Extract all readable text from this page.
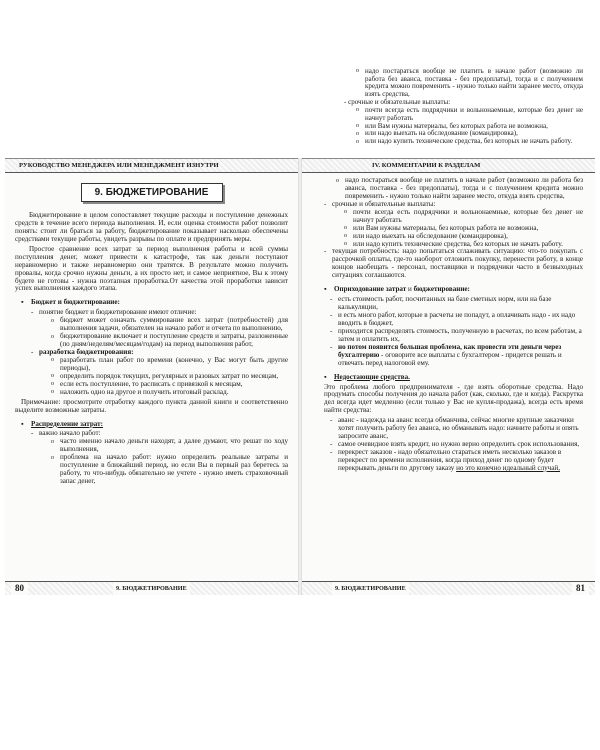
o надо постараться вообще не платить в начале работ (возможно ли работа без аванса, поставка - без предоплаты), тогда и с получением кредита можно повременить - нужно только найти заранее место, откуда взять средства,
- срочные и обязательные выплаты:
o почти всегда есть подрядчики и вольнонаемные, которые без денег не начнут работать
o или Вам нужны материалы, без которых работа не возможна,
o или надо выехать на обследование (командировка),
o или надо купить технические средства, без которых не начать работу.
РУКОВОДСТВО МЕНЕДЖЕРА ИЛИ МЕНЕДЖМЕНТ ИЗНУТРИ
9. БЮДЖЕТИРОВАНИЕ

Бюджетирование в целом сопоставляет текущие расходы и поступление денежных средств в течение всего периода выполнения. И, если оценка стоимости работ позволит понять: стоит ли браться за работу, бюджетирование показывает насколько обеспечены средствами текущие работы, увидеть разрывы по оплате и предпринять меры.

Простое сравнение всех затрат за период выполнения работы и всей суммы поступления денег, может привести к катастрофе, так как деньги поступают неравномерно и также неравномерно они тратятся. В результате можно получить провалы, когда срочно нужны деньги, а их просто нет, и самое неприятное, Вы к этому будете не готовы - нужна поэтапная проработка.От качества этой проработки зависит успех выполнения каждого этапа.

▪ Бюджет и бюджетирование:
- понятие бюджет и бюджетирование имеют отличие:
o бюджет может означать суммирование всех затрат (потребностей) для выполнения задачи, обязателен на начало работ и отчета по выполнению,
o бюджетирование включает и поступление средств и затраты, разложенные (по дням/неделям/месяцам/годам) на период выполнения работ,
- разработка бюджетирования:
o разработать план работ по времени (конечно, у Вас могут быть другие периоды),
o определить порядок текущих, регулярных и разовых затрат по месяцам,
o если есть поступление, то расписать с привязкой к месяцам,
o наложить одно на другое и получить итоговый расклад.

Примечание: просмотрите отработку каждого пункта данной книги и соответственно выделите возможные затраты.

▪ Распределение затрат:
- важно начало работ:
o часто именно начало деньги находят, а далее думают, что решат по ходу выполнения,
o проблема на начало работ: нужно определить реальные затраты и поступление в ближайший период, но если Вы в первый раз беретесь за работу, то что-нибудь обязательно не учтете - нужно иметь страховочный запас денег,
80	9. БЮДЖЕТИРОВАНИЕ
IV. КОММЕНТАРИИ К РАЗДЕЛАМ
o надо постараться вообще не платить в начале работ (возможно ли работа без аванса, поставка - без предоплаты), тогда и с получением кредита можно повременить - нужно только найти заранее место, откуда взять средства,
- срочные и обязательные выплаты:
o почти всегда есть подрядчики и вольнонаемные, которые без денег не начнут работать
o или Вам нужны материалы, без которых работа не возможна,
o или надо выехать на обследование (командировка),
o или надо купить технические средства, без которых не начать работу.
- текущая потребность: надо попытаться сглаживать ситуацию: что-то покупать с рассрочкой оплаты, где-то наоборот отложить покупку, перенести работу, в конце концов наобещать - персонал, поставщики и подрядчики часто в безвыходных ситуациях соглашаются.
▪ Оприходование затрат и бюджетирование:
- есть стоимость работ, посчитанных на базе сметных норм, или на базе калькуляции,
- и есть много работ, которые в расчеты не попадут, а оплачивать надо - их надо вводить в бюджет,
- приходится распределять стоимость, полученную в расчетах, по всем работам, а затем и оплатить их,
- но потом появится большая проблема, как провести эти деньги через бухгалтерию - оговорите все выплаты с бухгалтером - придется решать и отвечать перед налоговой ему.
▪ Недостающие средства.

Это проблема любого предпринимателя - где взять оборотные средства. Надо продумать способы получения до начала работ (как, сколько, где и когда). Раскрутка дел всегда идет медленно (если только у Вас не купля-продажа), всегда есть время найти средства:

- аванс - надежда на аванс всегда обманчива, сейчас многие крупные заказчики хотят получить работу без аванса, но обманывать надо: начните работы и опять запросите аванс,
- самое очевидное взять кредит, но нужно верно определить срок использования,
- перекрест заказов - надо обязательно стараться иметь несколько заказов в перекрест по времени исполнения, когда приход денег по одному будет перекрывать деньги по другому заказу но это конечно идеальный случай,
9. БЮДЖЕТИРОВАНИЕ	81
